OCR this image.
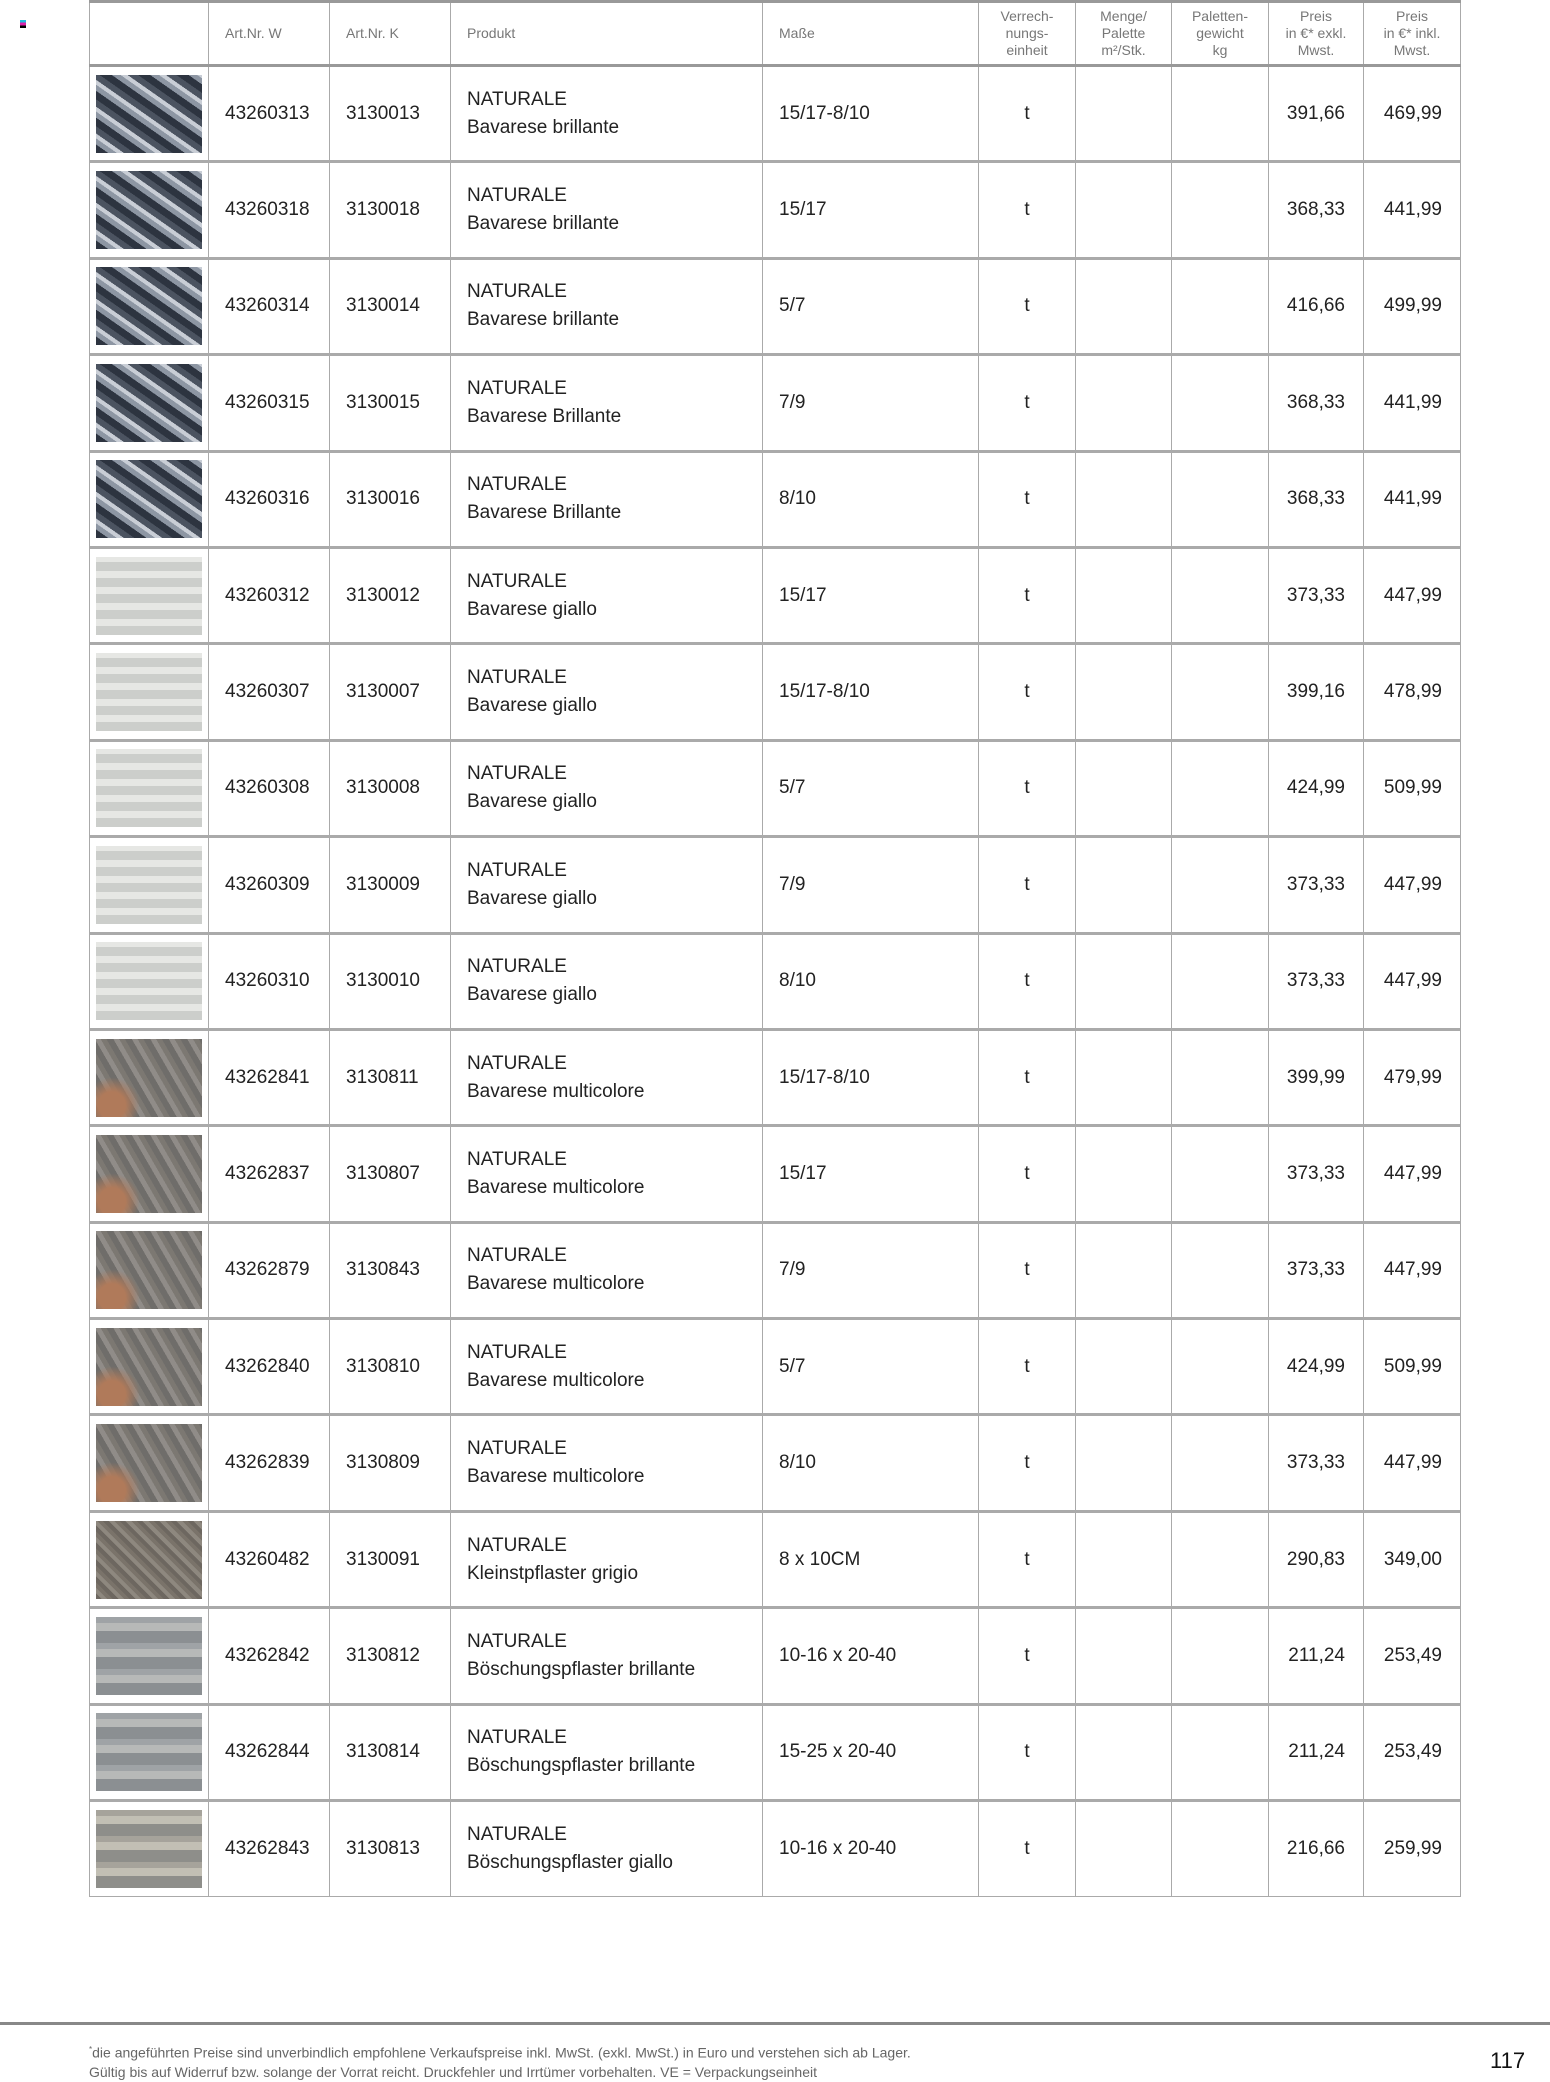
	Art.Nr. W	Art.Nr. K	Produkt	Maße	Verrech-
nungs-
einheit	Menge/
Palette
m²/Stk.	Paletten-
gewicht
kg	Preis
in €* exkl.
Mwst.	Preis
in €* inkl.
Mwst.

	43260313	3130013	NATURALE
Bavarese brillante	15/17-8/10	t			391,66	469,99

	43260318	3130018	NATURALE
Bavarese brillante	15/17	t			368,33	441,99

	43260314	3130014	NATURALE
Bavarese brillante	5/7	t			416,66	499,99

	43260315	3130015	NATURALE
Bavarese Brillante	7/9	t			368,33	441,99

	43260316	3130016	NATURALE
Bavarese Brillante	8/10	t			368,33	441,99

	43260312	3130012	NATURALE
Bavarese giallo	15/17	t			373,33	447,99

	43260307	3130007	NATURALE
Bavarese giallo	15/17-8/10	t			399,16	478,99

	43260308	3130008	NATURALE
Bavarese giallo	5/7	t			424,99	509,99

	43260309	3130009	NATURALE
Bavarese giallo	7/9	t			373,33	447,99

	43260310	3130010	NATURALE
Bavarese giallo	8/10	t			373,33	447,99

	43262841	3130811	NATURALE
Bavarese multicolore	15/17-8/10	t			399,99	479,99

	43262837	3130807	NATURALE
Bavarese multicolore	15/17	t			373,33	447,99

	43262879	3130843	NATURALE
Bavarese multicolore	7/9	t			373,33	447,99

	43262840	3130810	NATURALE
Bavarese multicolore	5/7	t			424,99	509,99

	43262839	3130809	NATURALE
Bavarese multicolore	8/10	t			373,33	447,99

	43260482	3130091	NATURALE
Kleinstpflaster grigio	8 x 10CM	t			290,83	349,00

	43262842	3130812	NATURALE
Böschungspflaster brillante	10-16 x 20-40	t			211,24	253,49

	43262844	3130814	NATURALE
Böschungspflaster brillante	15-25 x 20-40	t			211,24	253,49

	43262843	3130813	NATURALE
Böschungspflaster giallo	10-16 x 20-40	t			216,66	259,99
*die angeführten Preise sind unverbindlich empfohlene Verkaufspreise inkl. MwSt. (exkl. MwSt.) in Euro und verstehen sich ab Lager.
Gültig bis auf Widerruf bzw. solange der Vorrat reicht. Druckfehler und Irrtümer vorbehalten. VE = Verpackungseinheit	117
